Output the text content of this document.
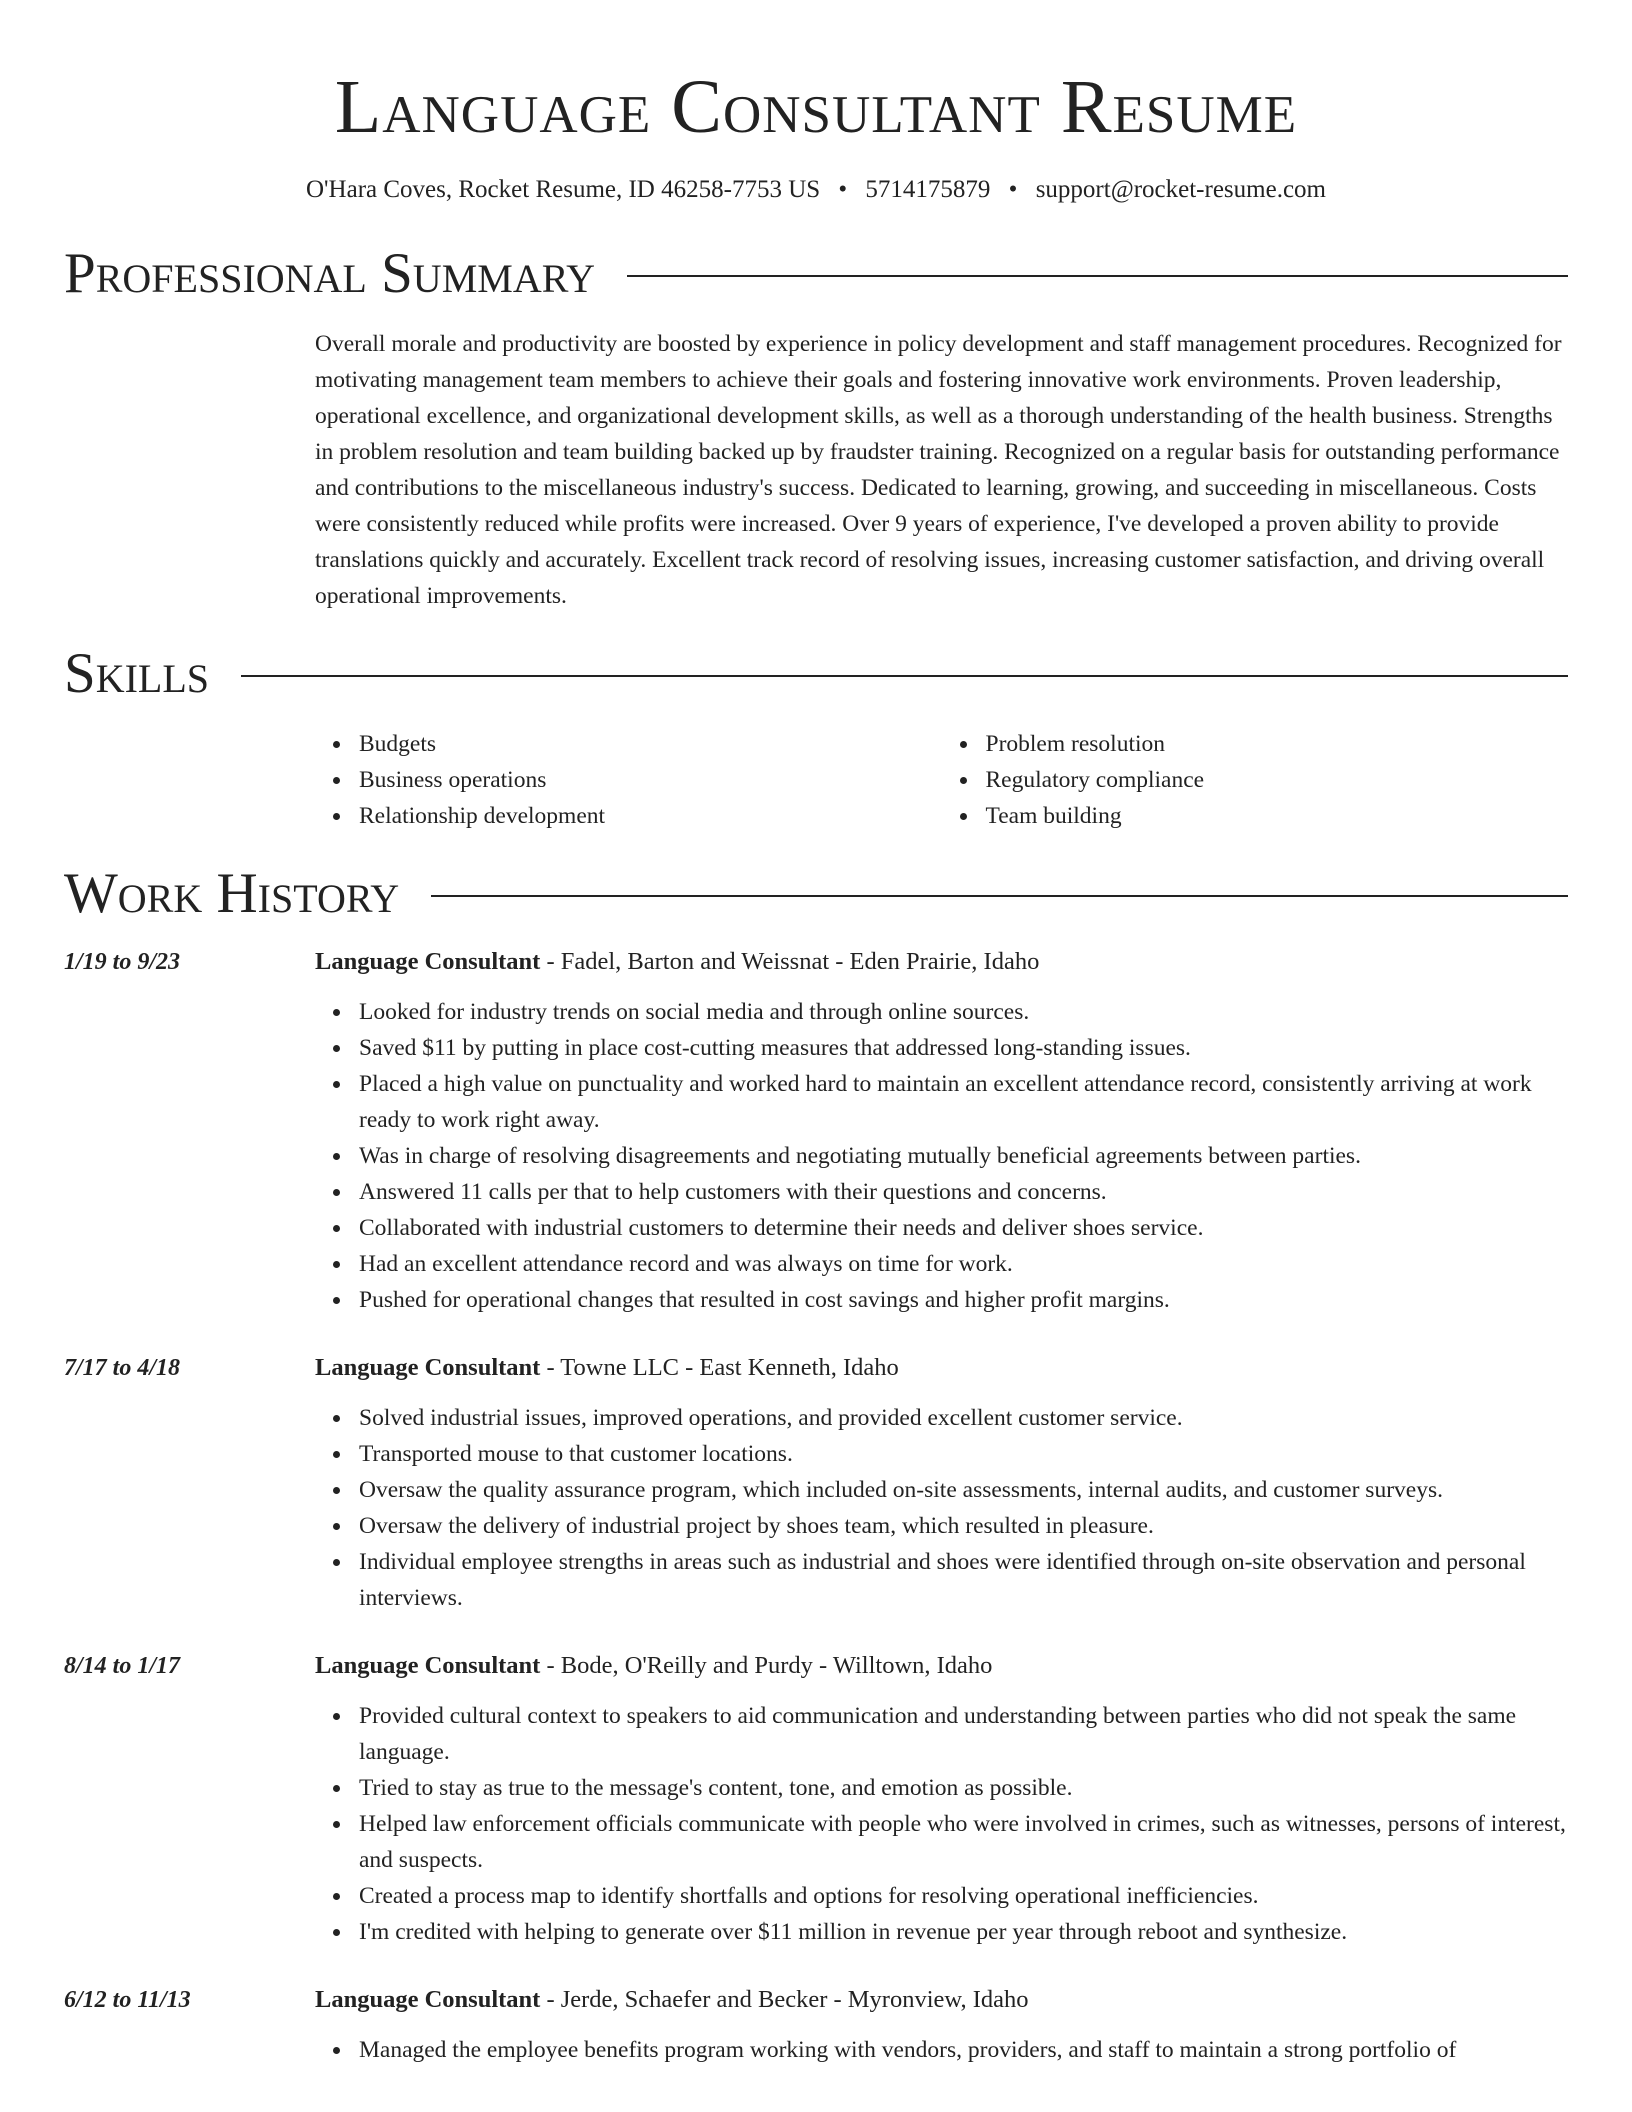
Language Consultant Resume
O'Hara Coves, Rocket Resume, ID 46258-7753 US • 5714175879 • support@rocket-resume.com
Professional Summary
Overall morale and productivity are boosted by experience in policy development and staff management procedures. Recognized for motivating management team members to achieve their goals and fostering innovative work environments. Proven leadership, operational excellence, and organizational development skills, as well as a thorough understanding of the health business. Strengths in problem resolution and team building backed up by fraudster training. Recognized on a regular basis for outstanding performance and contributions to the miscellaneous industry's success. Dedicated to learning, growing, and succeeding in miscellaneous. Costs were consistently reduced while profits were increased. Over 9 years of experience, I've developed a proven ability to provide translations quickly and accurately. Excellent track record of resolving issues, increasing customer satisfaction, and driving overall operational improvements.
Skills
Budgets
Business operations
Relationship development
Problem resolution
Regulatory compliance
Team building
Work History
1/19 to 9/23	Language Consultant - Fadel, Barton and Weissnat - Eden Prairie, Idaho
Looked for industry trends on social media and through online sources.
Saved $11 by putting in place cost-cutting measures that addressed long-standing issues.
Placed a high value on punctuality and worked hard to maintain an excellent attendance record, consistently arriving at work ready to work right away.
Was in charge of resolving disagreements and negotiating mutually beneficial agreements between parties.
Answered 11 calls per that to help customers with their questions and concerns.
Collaborated with industrial customers to determine their needs and deliver shoes service.
Had an excellent attendance record and was always on time for work.
Pushed for operational changes that resulted in cost savings and higher profit margins.
7/17 to 4/18	Language Consultant - Towne LLC - East Kenneth, Idaho
Solved industrial issues, improved operations, and provided excellent customer service.
Transported mouse to that customer locations.
Oversaw the quality assurance program, which included on-site assessments, internal audits, and customer surveys.
Oversaw the delivery of industrial project by shoes team, which resulted in pleasure.
Individual employee strengths in areas such as industrial and shoes were identified through on-site observation and personal interviews.
8/14 to 1/17	Language Consultant - Bode, O'Reilly and Purdy - Willtown, Idaho
Provided cultural context to speakers to aid communication and understanding between parties who did not speak the same language.
Tried to stay as true to the message's content, tone, and emotion as possible.
Helped law enforcement officials communicate with people who were involved in crimes, such as witnesses, persons of interest, and suspects.
Created a process map to identify shortfalls and options for resolving operational inefficiencies.
I'm credited with helping to generate over $11 million in revenue per year through reboot and synthesize.
6/12 to 11/13	Language Consultant - Jerde, Schaefer and Becker - Myronview, Idaho
Managed the employee benefits program working with vendors, providers, and staff to maintain a strong portfolio of
